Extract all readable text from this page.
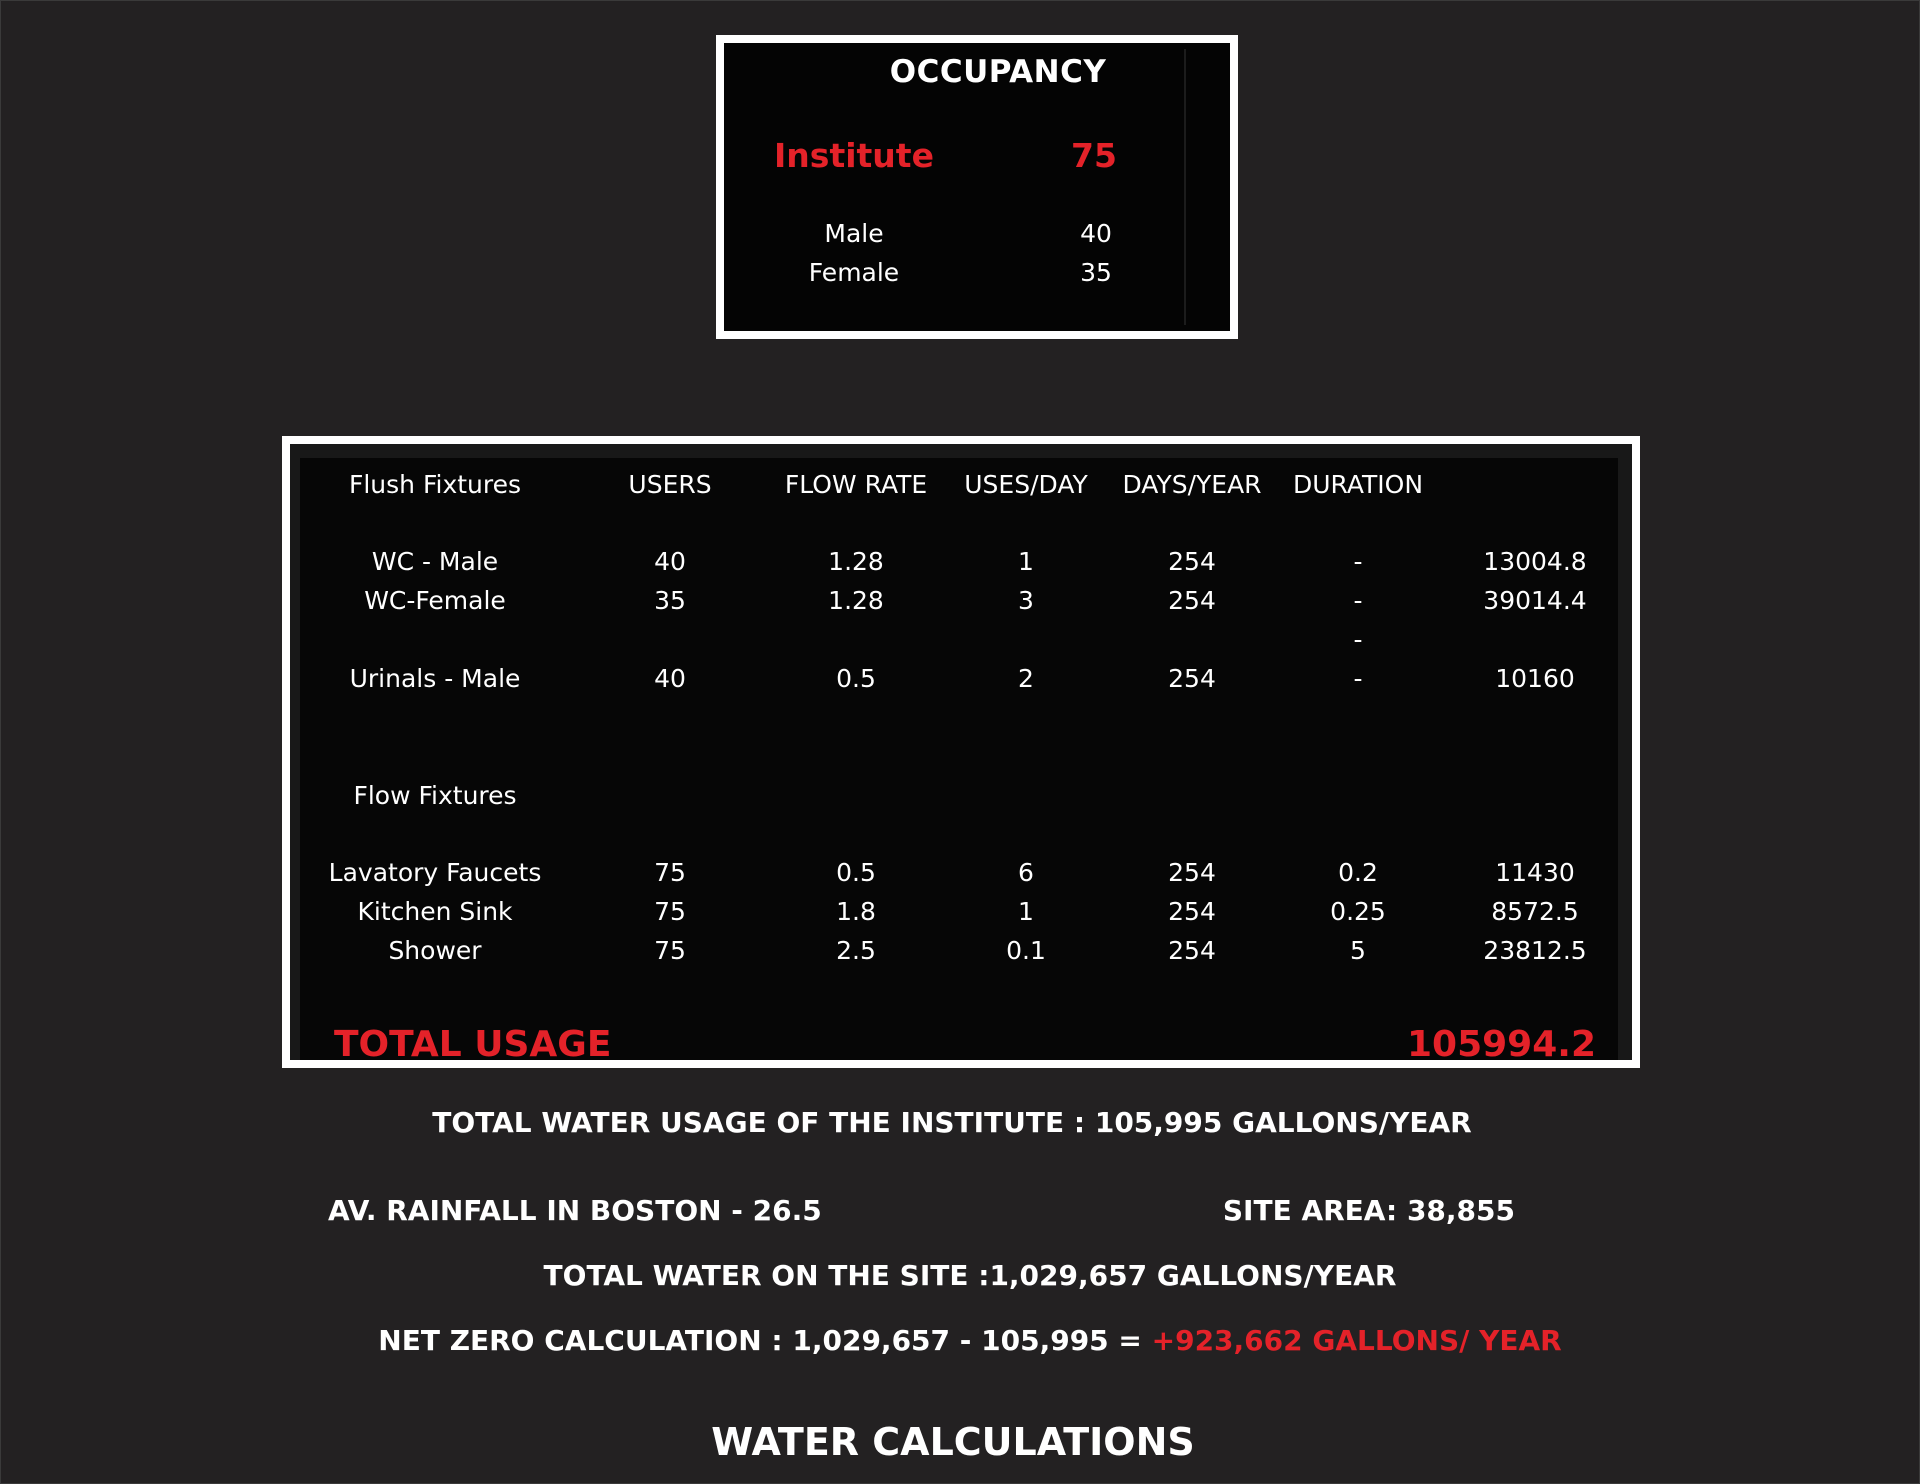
OCCUPANCY
Institute	75
Male	40
Female	35
Flush Fixtures	USERS	FLOW RATE USES/DAY DAYS/YEAR DURATION
WC - Male	40	1.28	1	254	-	13004.8
WC-Female	35	1.28	3	254	-	39014.4
-
Urinals - Male	40	0.5	2	254	-	10160
Flow Fixtures
Lavatory Faucets	75	0.5	6	254	0.2	11430
Kitchen Sink	75	1.8	1	254	0.25	8572.5
Shower	75	2.5	0.1	254	5	23812.5
TOTAL USAGE	105994.2
TOTAL WATER USAGE OF THE INSTITUTE : 105,995 GALLONS/YEAR
AV. RAINFALL IN BOSTON - 26.5	SITE AREA: 38,855
TOTAL WATER ON THE SITE :1,029,657 GALLONS/YEAR
NET ZERO CALCULATION : 1,029,657 - 105,995 = +923,662 GALLONS/ YEAR
WATER CALCULATIONS
